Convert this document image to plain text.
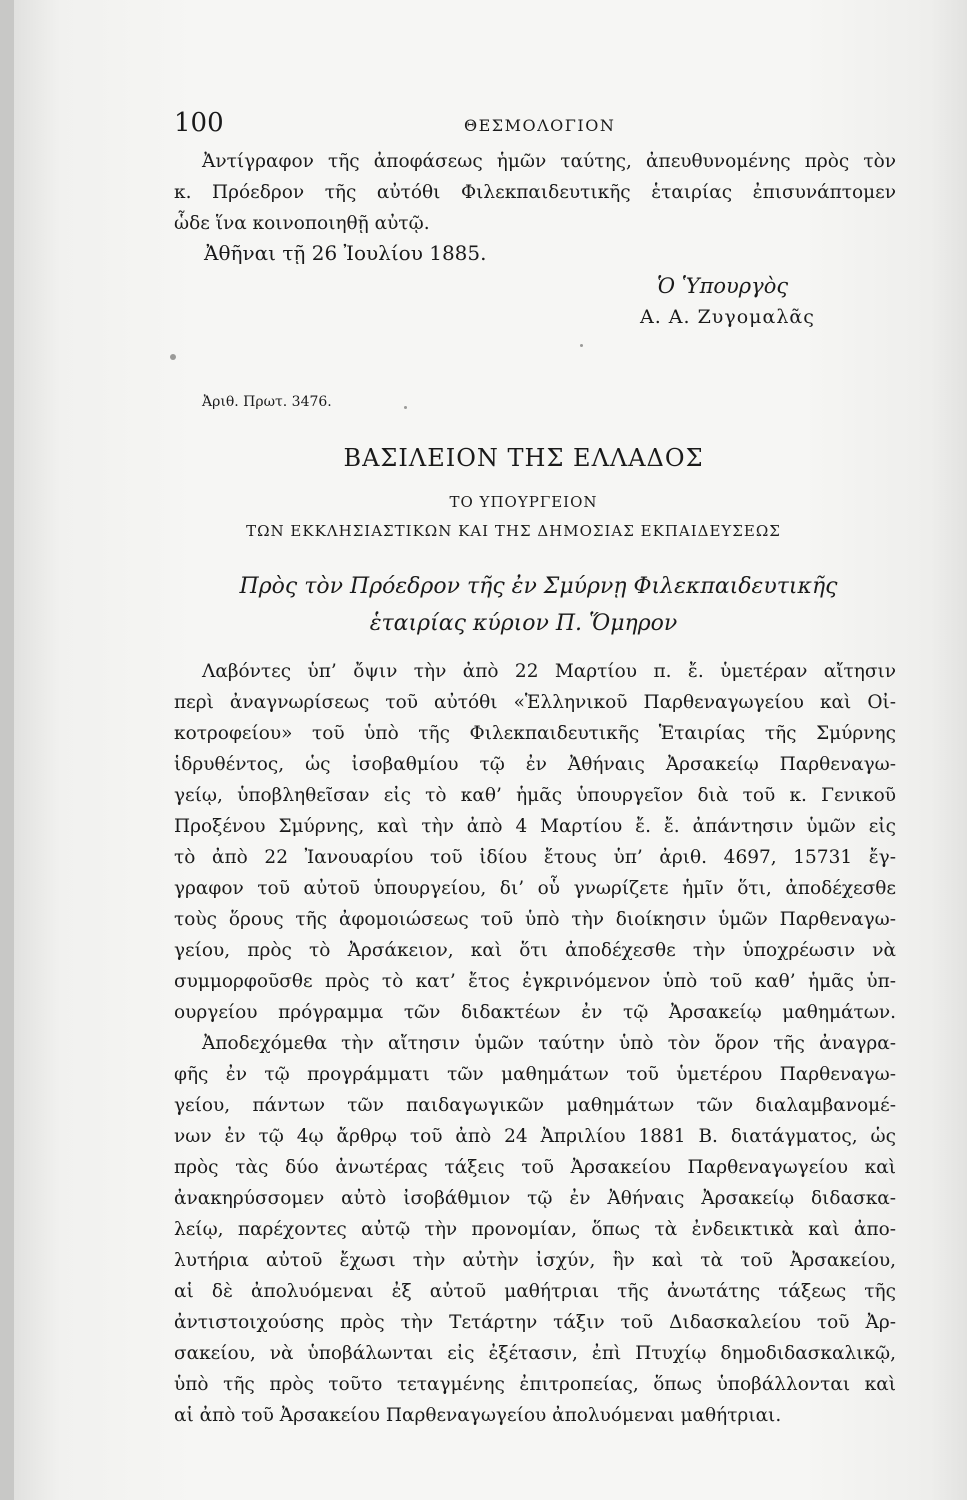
100	ΘΕΣΜΟΛΟΓΙΟΝ
Ἀντίγραφον τῆς ἀποφάσεως ἡμῶν ταύτης, ἀπευθυνομένης πρὸς τὸν
κ. Πρόεδρον τῆς αὐτόθι Φιλεκπαιδευτικῆς ἑταιρίας ἐπισυνάπτομεν
ὧδε ἵνα κοινοποιηθῇ αὐτῷ.
Ἀθῆναι τῇ 26 Ἰουλίου 1885.
Ὁ Ὑπουργὸς
Α. Α. Ζυγομαλᾶς
Ἀριθ. Πρωτ. 3476.
ΒΑΣΙΛΕΙΟΝ ΤΗΣ ΕΛΛΑΔΟΣ
ΤΟ ΥΠΟΥΡΓΕΙΟΝ
ΤΩΝ ΕΚΚΛΗΣΙΑΣΤΙΚΩΝ ΚΑΙ ΤΗΣ ΔΗΜΟΣΙΑΣ ΕΚΠΑΙΔΕΥΣΕΩΣ
Πρὸς τὸν Πρόεδρον τῆς ἐν Σμύρνῃ Φιλεκπαιδευτικῆς
ἑταιρίας κύριον Π. Ὅμηρον
Λαβόντες ὑπ’ ὄψιν τὴν ἀπὸ 22 Μαρτίου π. ἔ. ὑμετέραν αἴτησιν
περὶ ἀναγνωρίσεως τοῦ αὐτόθι «Ἑλληνικοῦ Παρθεναγωγείου καὶ Οἰ-
κοτροφείου» τοῦ ὑπὸ τῆς Φιλεκπαιδευτικῆς Ἑταιρίας τῆς Σμύρνης
ἱδρυθέντος, ὡς ἰσοβαθμίου τῷ ἐν Ἀθήναις Ἀρσακείῳ Παρθεναγω-
γείῳ, ὑποβληθεῖσαν εἰς τὸ καθ’ ἡμᾶς ὑπουργεῖον διὰ τοῦ κ. Γενικοῦ
Προξένου Σμύρνης, καὶ τὴν ἀπὸ 4 Μαρτίου ἔ. ἔ. ἀπάντησιν ὑμῶν εἰς
τὸ ἀπὸ 22 Ἰανουαρίου τοῦ ἰδίου ἔτους ὑπ’ ἀριθ. 4697, 15731 ἔγ-
γραφον τοῦ αὐτοῦ ὑπουργείου, δι’ οὗ γνωρίζετε ἡμῖν ὅτι, ἀποδέχεσθε
τοὺς ὅρους τῆς ἀφομοιώσεως τοῦ ὑπὸ τὴν διοίκησιν ὑμῶν Παρθεναγω-
γείου, πρὸς τὸ Ἀρσάκειον, καὶ ὅτι ἀποδέχεσθε τὴν ὑποχρέωσιν νὰ
συμμορφοῦσθε πρὸς τὸ κατ’ ἔτος ἐγκρινόμενον ὑπὸ τοῦ καθ’ ἡμᾶς ὑπ-
ουργείου πρόγραμμα τῶν διδακτέων ἐν τῷ Ἀρσακείῳ μαθημάτων.
Ἀποδεχόμεθα τὴν αἴτησιν ὑμῶν ταύτην ὑπὸ τὸν ὅρον τῆς ἀναγρα-
φῆς ἐν τῷ προγράμματι τῶν μαθημάτων τοῦ ὑμετέρου Παρθεναγω-
γείου, πάντων τῶν παιδαγωγικῶν μαθημάτων τῶν διαλαμβανομέ-
νων ἐν τῷ 4ῳ ἄρθρῳ τοῦ ἀπὸ 24 Ἀπριλίου 1881 Β. διατάγματος, ὡς
πρὸς τὰς δύο ἀνωτέρας τάξεις τοῦ Ἀρσακείου Παρθεναγωγείου καὶ
ἀνακηρύσσομεν αὐτὸ ἰσοβάθμιον τῷ ἐν Ἀθήναις Ἀρσακείῳ διδασκα-
λείῳ, παρέχοντες αὐτῷ τὴν προνομίαν, ὅπως τὰ ἐνδεικτικὰ καὶ ἀπο-
λυτήρια αὐτοῦ ἔχωσι τὴν αὐτὴν ἰσχύν, ἣν καὶ τὰ τοῦ Ἀρσακείου,
αἱ δὲ ἀπολυόμεναι ἐξ αὐτοῦ μαθήτριαι τῆς ἀνωτάτης τάξεως τῆς
ἀντιστοιχούσης πρὸς τὴν Τετάρτην τάξιν τοῦ Διδασκαλείου τοῦ Ἀρ-
σακείου, νὰ ὑποβάλωνται εἰς ἐξέτασιν, ἐπὶ Πτυχίῳ δημοδιδασκαλικῷ,
ὑπὸ τῆς πρὸς τοῦτο τεταγμένης ἐπιτροπείας, ὅπως ὑποβάλλονται καὶ
αἱ ἀπὸ τοῦ Ἀρσακείου Παρθεναγωγείου ἀπολυόμεναι μαθήτριαι.
